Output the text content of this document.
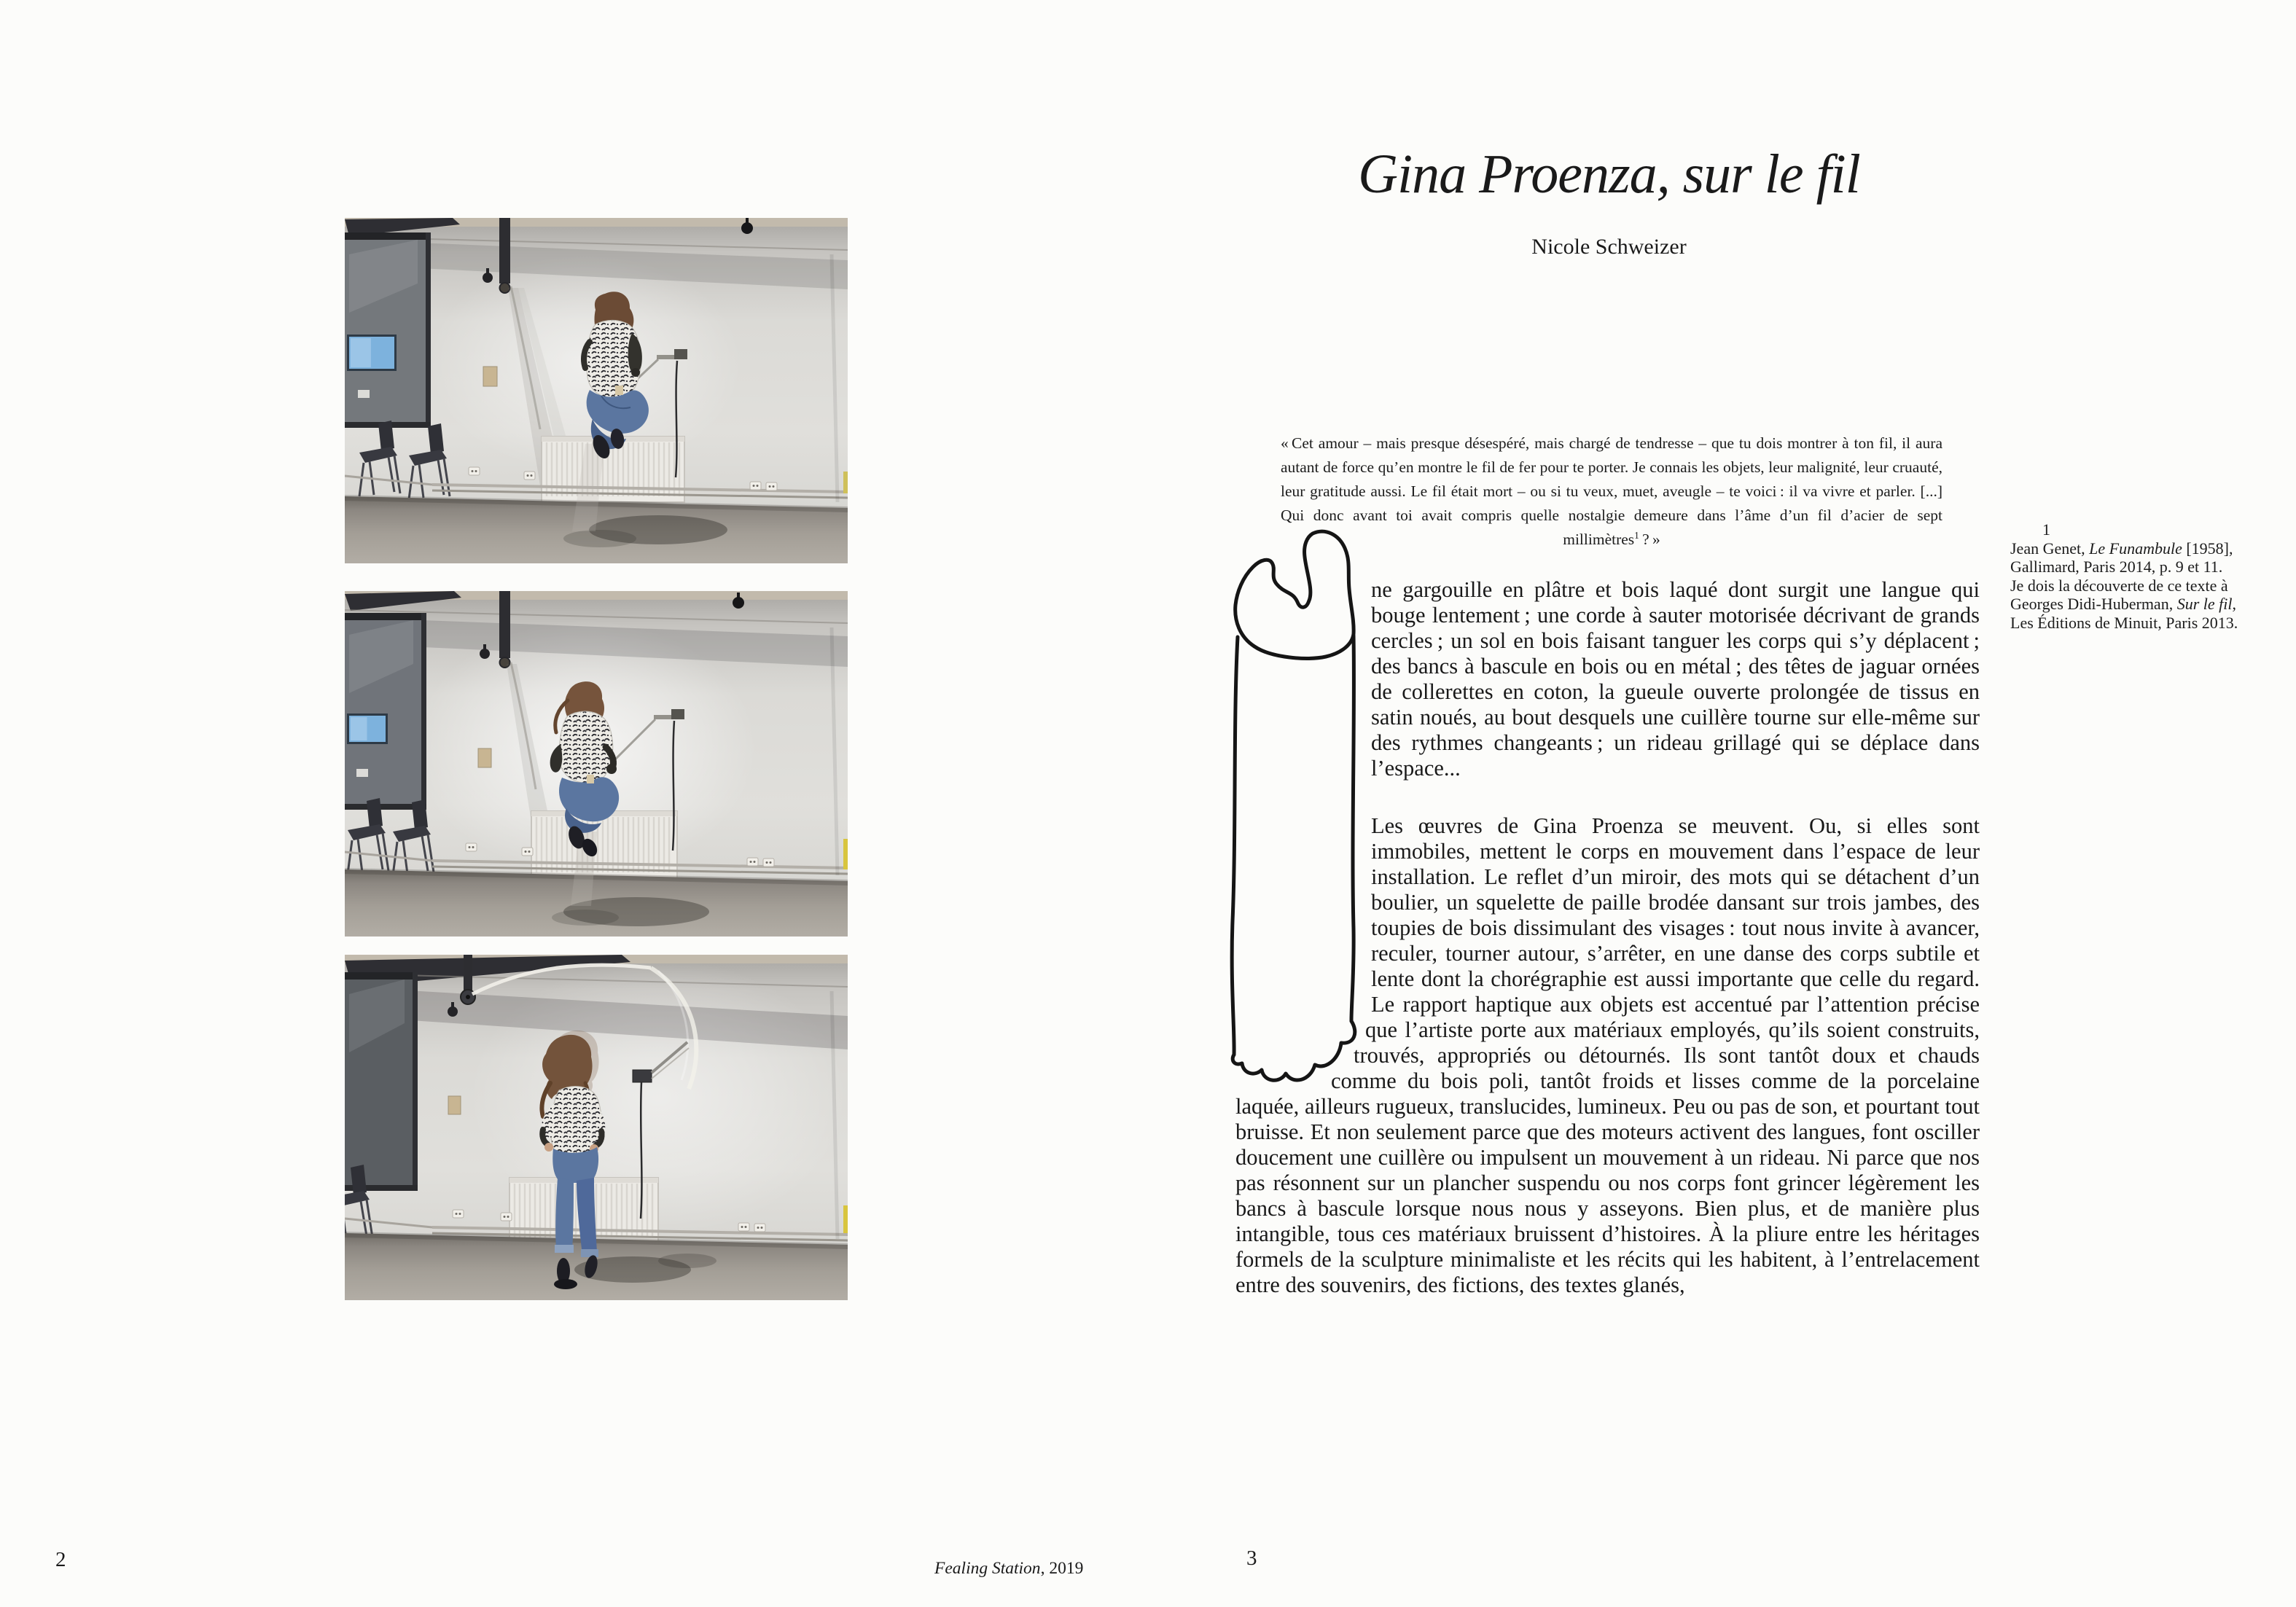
2	Fealing Station, 2019	3
Gina Proenza, sur le fil
Nicole Schweizer
« Cet amour – mais presque désespéré, mais chargé de tendresse – que tu dois montrer à ton fil, il aura autant de force qu’en montre le fil de fer pour te porter. Je connais les objets, leur malignité, leur cruauté, leur gratitude aussi. Le fil était mort – ou si tu veux, muet, aveugle – te voici : il va vivre et parler. [...] Qui donc avant toi avait compris quelle nostalgie demeure dans l’âme d’un fil d’acier de sept millimètres$^1$ ? »

ne gargouille en plâtre et bois laqué dont surgit une langue qui bouge lentement ; une corde à sauter motorisée décrivant de grands cercles ; un sol en bois faisant tanguer les corps qui s’y déplacent ; des bancs à bascule en bois ou en métal ; des têtes de jaguar ornées de collerettes en coton, la gueule ouverte prolongée de tissus en satin noués, au bout desquels une cuillère tourne sur elle-même sur des rythmes changeants ; un rideau grillagé qui se déplace dans l’espace...

Les œuvres de Gina Proenza se meuvent. Ou, si elles sont immobiles, mettent le corps en mouvement dans l’espace de leur installation. Le reflet d’un miroir, des mots qui se détachent d’un boulier, un squelette de paille brodée dansant sur trois jambes, des toupies de bois dissimulant des visages : tout nous invite à avancer, reculer, tourner autour, s’arrêter, en une danse des corps subtile et lente dont la chorégraphie est aussi importante que celle du regard. Le rapport haptique aux objets est accentué par l’attention précise que l’artiste porte aux matériaux employés, qu’ils soient construits, trouvés, appropriés ou détournés. Ils sont tantôt doux et chauds comme du bois poli, tantôt froids et lisses comme de la porcelaine laquée, ailleurs rugueux, translucides, lumineux. Peu ou pas de son, et pourtant tout bruisse. Et non seulement parce que des moteurs activent des langues, font osciller doucement une cuillère ou impulsent un mouvement à un rideau. Ni parce que nos pas résonnent sur un plancher suspendu ou nos corps font grincer légèrement les bancs à bascule lorsque nous nous y asseyons. Bien plus, et de manière plus intangible, tous ces matériaux bruissent d’histoires. À la pliure entre les héritages formels de la sculpture minimaliste et les récits qui les habitent, à l’entrelacement entre des souvenirs, des fictions, des textes glanés,

1
Jean Genet, Le Funambule [1958], Gallimard, Paris 2014, p. 9 et 11. Je dois la découverte de ce texte à Georges Didi-Huberman, Sur le fil, Les Éditions de Minuit, Paris 2013.
